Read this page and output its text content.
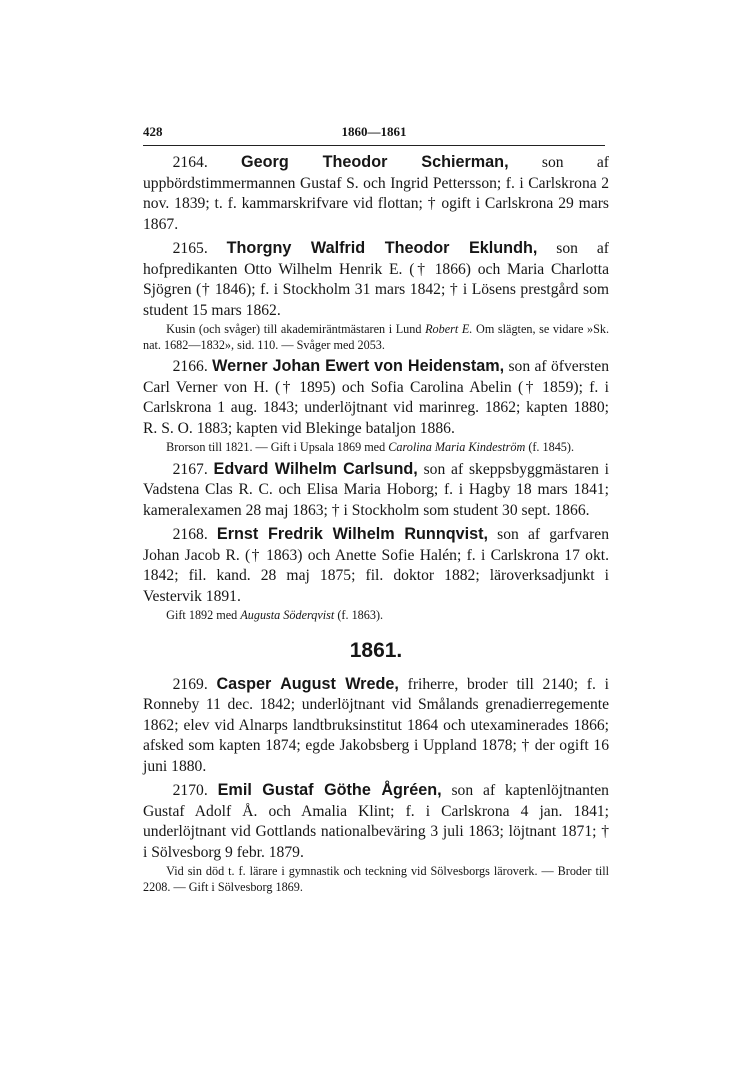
428	1860—1861

2164. Georg Theodor Schierman, son af uppbördstimmermannen Gustaf S. och Ingrid Pettersson; f. i Carlskrona 2 nov. 1839; t. f. kammarskrifvare vid flottan; † ogift i Carlskrona 29 mars 1867.

2165. Thorgny Walfrid Theodor Eklundh, son af hofpredikanten Otto Wilhelm Henrik E. († 1866) och Maria Charlotta Sjögren († 1846); f. i Stockholm 31 mars 1842; † i Lösens prestgård som student 15 mars 1862.

Kusin (och svåger) till akademiräntmästaren i Lund Robert E. Om slägten, se vidare »Sk. nat. 1682—1832», sid. 110. — Svåger med 2053.

2166. Werner Johan Ewert von Heidenstam, son af öfversten Carl Verner von H. († 1895) och Sofia Carolina Abelin († 1859); f. i Carlskrona 1 aug. 1843; underlöjtnant vid marinreg. 1862; kapten 1880; R. S. O. 1883; kapten vid Blekinge bataljon 1886.

Brorson till 1821. — Gift i Upsala 1869 med Carolina Maria Kindeström (f. 1845).

2167. Edvard Wilhelm Carlsund, son af skeppsbyggmästaren i Vadstena Clas R. C. och Elisa Maria Hoborg; f. i Hagby 18 mars 1841; kameralexamen 28 maj 1863; † i Stockholm som student 30 sept. 1866.

2168. Ernst Fredrik Wilhelm Runnqvist, son af garfvaren Johan Jacob R. († 1863) och Anette Sofie Halén; f. i Carlskrona 17 okt. 1842; fil. kand. 28 maj 1875; fil. doktor 1882; läroverksadjunkt i Vestervik 1891.

Gift 1892 med Augusta Söderqvist (f. 1863).

1861.

2169. Casper August Wrede, friherre, broder till 2140; f. i Ronneby 11 dec. 1842; underlöjtnant vid Smålands grenadierregemente 1862; elev vid Alnarps landtbruksinstitut 1864 och utexaminerades 1866; afsked som kapten 1874; egde Jakobsberg i Uppland 1878; † der ogift 16 juni 1880.

2170. Emil Gustaf Göthe Ågréen, son af kaptenlöjtnanten Gustaf Adolf Å. och Amalia Klint; f. i Carlskrona 4 jan. 1841; underlöjtnant vid Gottlands nationalbeväring 3 juli 1863; löjtnant 1871; † i Sölvesborg 9 febr. 1879.

Vid sin död t. f. lärare i gymnastik och teckning vid Sölvesborgs läroverk. — Broder till 2208. — Gift i Sölvesborg 1869.
